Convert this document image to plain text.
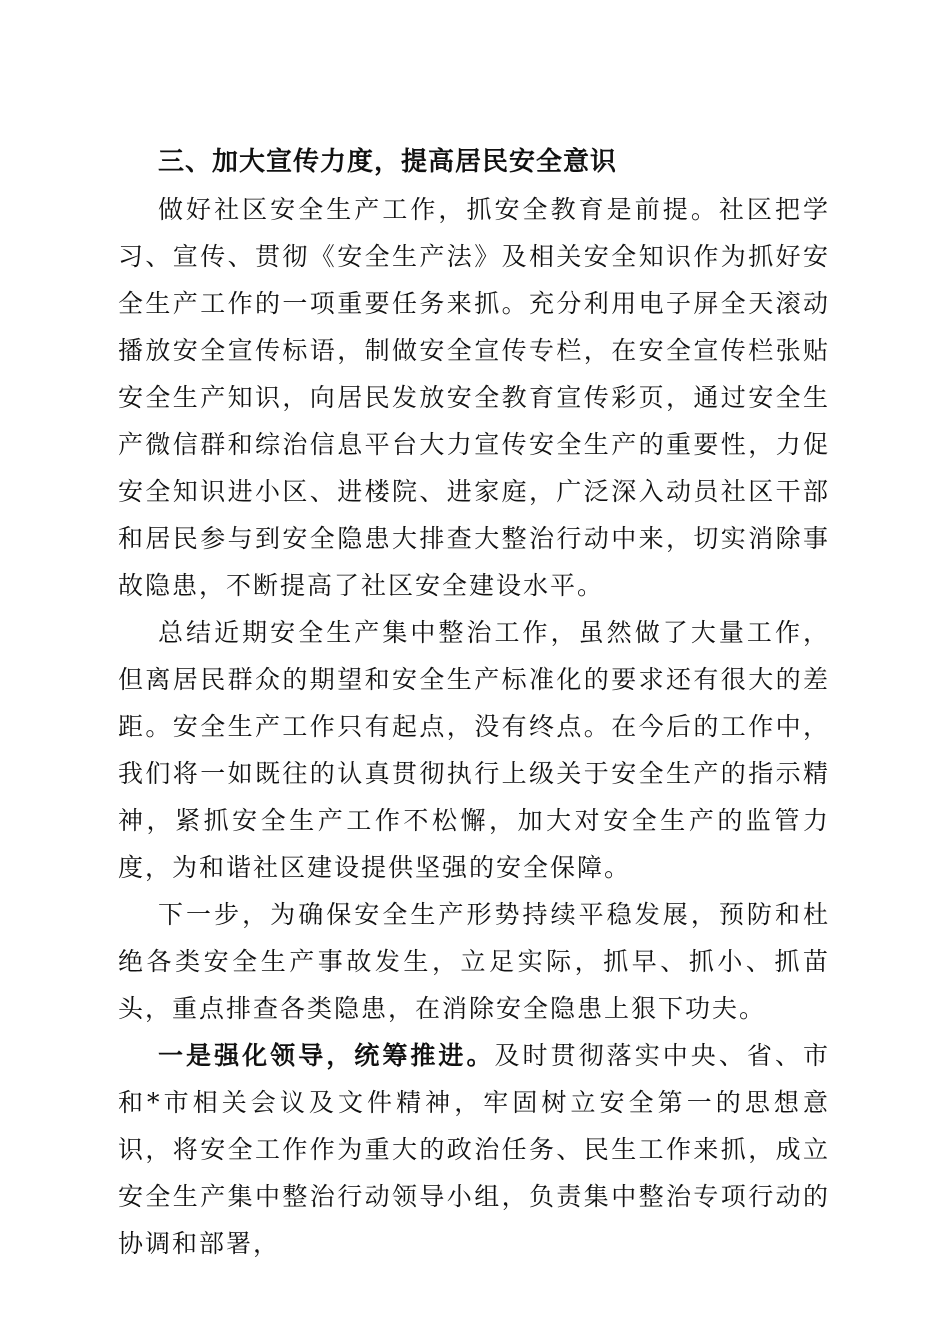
三、加大宣传力度，提高居民安全意识

做好社区安全生产工作，抓安全教育是前提。社区把学习、宣传、贯彻《安全生产法》及相关安全知识作为抓好安全生产工作的一项重要任务来抓。充分利用电子屏全天滚动播放安全宣传标语，制做安全宣传专栏，在安全宣传栏张贴安全生产知识，向居民发放安全教育宣传彩页，通过安全生产微信群和综治信息平台大力宣传安全生产的重要性，力促安全知识进小区、进楼院、进家庭，广泛深入动员社区干部和居民参与到安全隐患大排查大整治行动中来，切实消除事故隐患，不断提高了社区安全建设水平。

总结近期安全生产集中整治工作，虽然做了大量工作，但离居民群众的期望和安全生产标准化的要求还有很大的差距。安全生产工作只有起点，没有终点。在今后的工作中，我们将一如既往的认真贯彻执行上级关于安全生产的指示精神，紧抓安全生产工作不松懈，加大对安全生产的监管力度，为和谐社区建设提供坚强的安全保障。

下一步，为确保安全生产形势持续平稳发展，预防和杜绝各类安全生产事故发生，立足实际，抓早、抓小、抓苗头，重点排查各类隐患，在消除安全隐患上狠下功夫。

一是强化领导，统筹推进。及时贯彻落实中央、省、市和*市相关会议及文件精神，牢固树立安全第一的思想意识，将安全工作作为重大的政治任务、民生工作来抓，成立安全生产集中整治行动领导小组，负责集中整治专项行动的协调和部署，
